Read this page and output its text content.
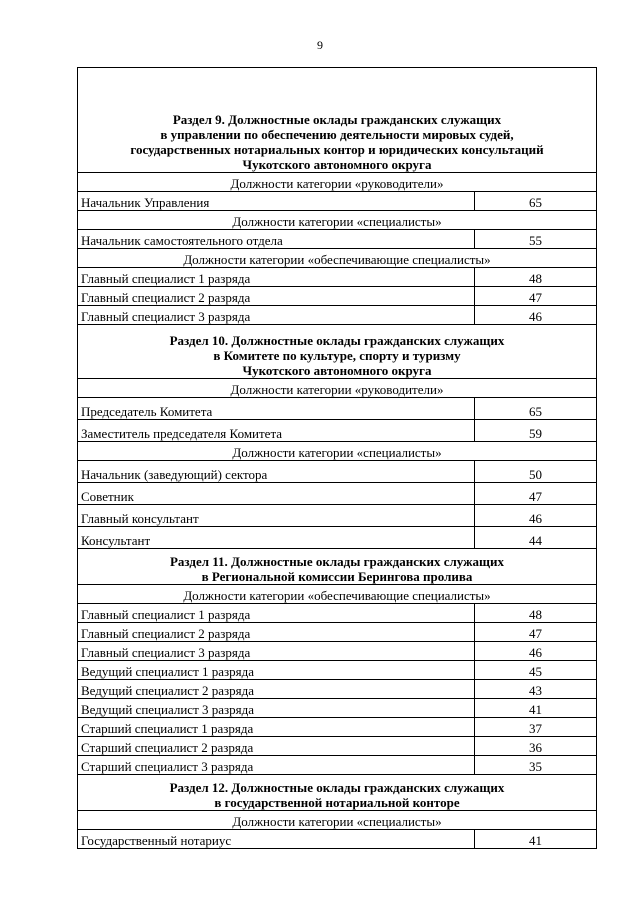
9
Раздел 9. Должностные оклады гражданских служащих
в управлении по обеспечению деятельности мировых судей,
государственных нотариальных контор и юридических консультаций
Чукотского автономного округа	

Должности категории «руководители»	
Начальник Управления	65
Должности категории «специалисты»	
Начальник самостоятельного отдела	55
Должности категории «обеспечивающие специалисты»	
Главный специалист 1 разряда	48
Главный специалист 2 разряда	47
Главный специалист 3 разряда	46

Раздел 10. Должностные оклады гражданских служащих
в Комитете по культуре, спорту и туризму
Чукотского автономного округа	

Должности категории «руководители»	
Председатель Комитета	65
Заместитель председателя Комитета	59
Должности категории «специалисты»	
Начальник (заведующий) сектора	50
Советник	47
Главный консультант	46
Консультант	44

Раздел 11. Должностные оклады гражданских служащих
в Региональной комиссии Берингова пролива	

Должности категории «обеспечивающие специалисты»	
Главный специалист 1 разряда	48
Главный специалист 2 разряда	47
Главный специалист 3 разряда	46
Ведущий специалист 1 разряда	45
Ведущий специалист 2 разряда	43
Ведущий специалист 3 разряда	41
Старший специалист 1 разряда	37
Старший специалист 2 разряда	36
Старший специалист 3 разряда	35

Раздел 12. Должностные оклады гражданских служащих
в государственной нотариальной конторе	

Должности категории «специалисты»	
Государственный нотариус	41
